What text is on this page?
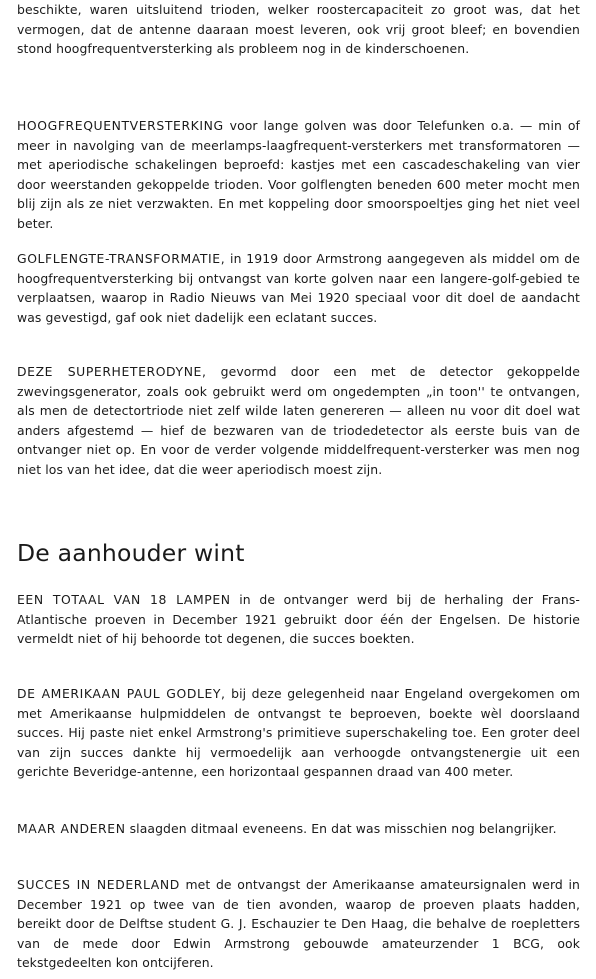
beschikte, waren uitsluitend trioden, welker roostercapaciteit zo groot was, dat het vermogen, dat de antenne daaraan moest leveren, ook vrij groot bleef; en bovendien stond hoogfrequentversterking als probleem nog in de kinderschoenen.

HOOGFREQUENTVERSTERKING voor lange golven was door Telefunken o.a. — min of meer in navolging van de meerlamps-laagfrequent-versterkers met transformatoren — met aperiodische schakelingen beproefd: kastjes met een cascadeschakeling van vier door weerstanden gekoppelde trioden. Voor golflengten beneden 600 meter mocht men blij zijn als ze niet verzwakten. En met koppeling door smoorspoeltjes ging het niet veel beter.

GOLFLENGTE-TRANSFORMATIE, in 1919 door Armstrong aangegeven als middel om de hoogfrequentversterking bij ontvangst van korte golven naar een langere-golf-gebied te verplaatsen, waarop in Radio Nieuws van Mei 1920 speciaal voor dit doel de aandacht was gevestigd, gaf ook niet dadelijk een eclatant succes.

DEZE SUPERHETERODYNE, gevormd door een met de detector gekoppelde zwevingsgenerator, zoals ook gebruikt werd om ongedempten „in toon'' te ontvangen, als men de detectortriode niet zelf wilde laten genereren — alleen nu voor dit doel wat anders afgestemd — hief de bezwaren van de triodedetector als eerste buis van de ontvanger niet op. En voor de verder volgende middelfrequent-versterker was men nog niet los van het idee, dat die weer aperiodisch moest zijn.

De aanhouder wint

EEN TOTAAL VAN 18 LAMPEN in de ontvanger werd bij de herhaling der Frans-Atlantische proeven in December 1921 gebruikt door één der Engelsen. De historie vermeldt niet of hij behoorde tot degenen, die succes boekten.

DE AMERIKAAN PAUL GODLEY, bij deze gelegenheid naar Engeland overgekomen om met Amerikaanse hulpmiddelen de ontvangst te beproeven, boekte wèl doorslaand succes. Hij paste niet enkel Armstrong's primitieve superschakeling toe. Een groter deel van zijn succes dankte hij vermoedelijk aan verhoogde ontvangstenergie uit een gerichte Beveridge-antenne, een horizontaal gespannen draad van 400 meter.

MAAR ANDEREN slaagden ditmaal eveneens. En dat was misschien nog belangrijker.

SUCCES IN NEDERLAND met de ontvangst der Amerikaanse amateursignalen werd in December 1921 op twee van de tien avonden, waarop de proeven plaats hadden, bereikt door de Delftse student G. J. Eschauzier te Den Haag, die behalve de roepletters van de mede door Edwin Armstrong gebouwde amateurzender 1 BCG, ook tekstgedeelten kon ontcijferen.
